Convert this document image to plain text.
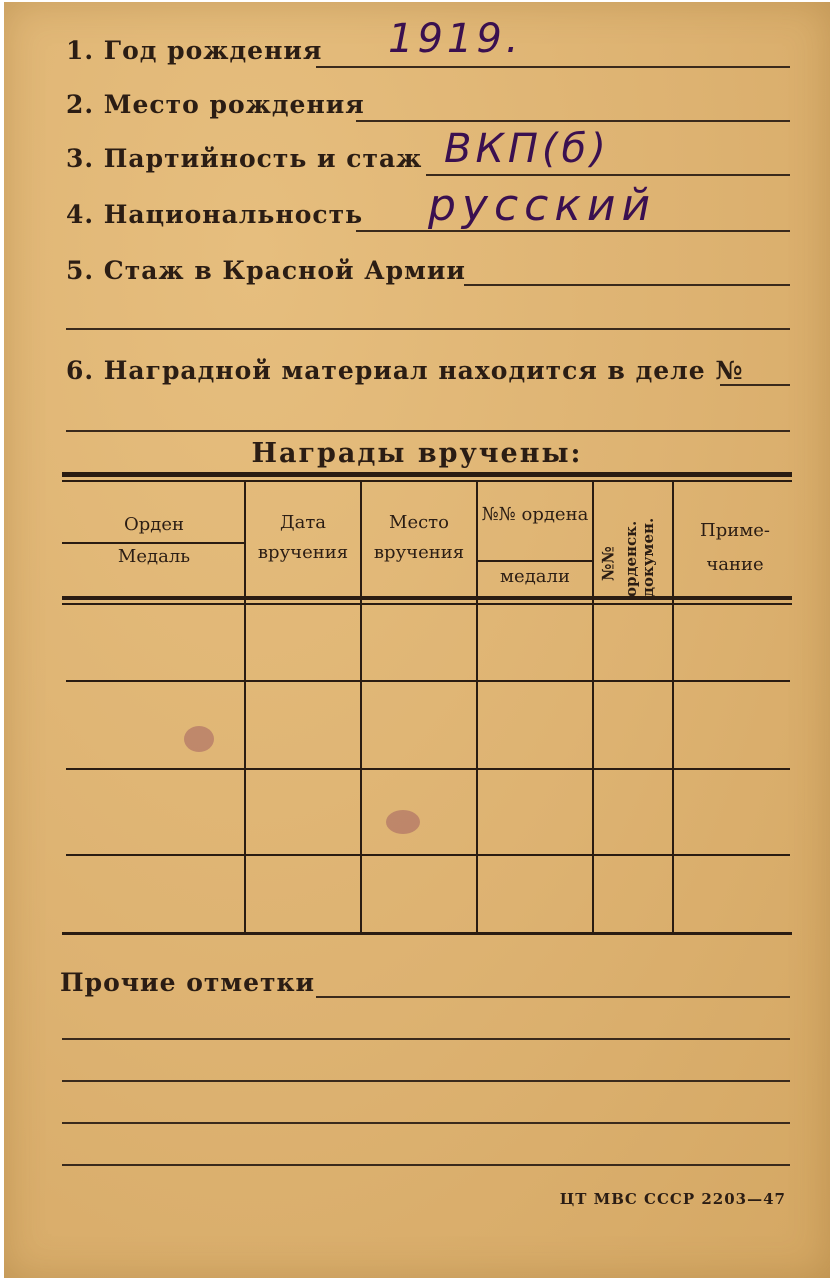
1. Год рождения 1919.
2. Место рождения
3. Партийность и стаж ВКП(б)
4. Национальность русский
5. Стаж в Красной Армии
6. Наградной материал находится в деле №
Награды вручены:
Орден
Медаль
Дата вручения
Место вручения
№№ ордена
медали	№№ орденск. докумен.	Приме- чание
Прочие отметки
ЦТ МВС СССР 2203—47
